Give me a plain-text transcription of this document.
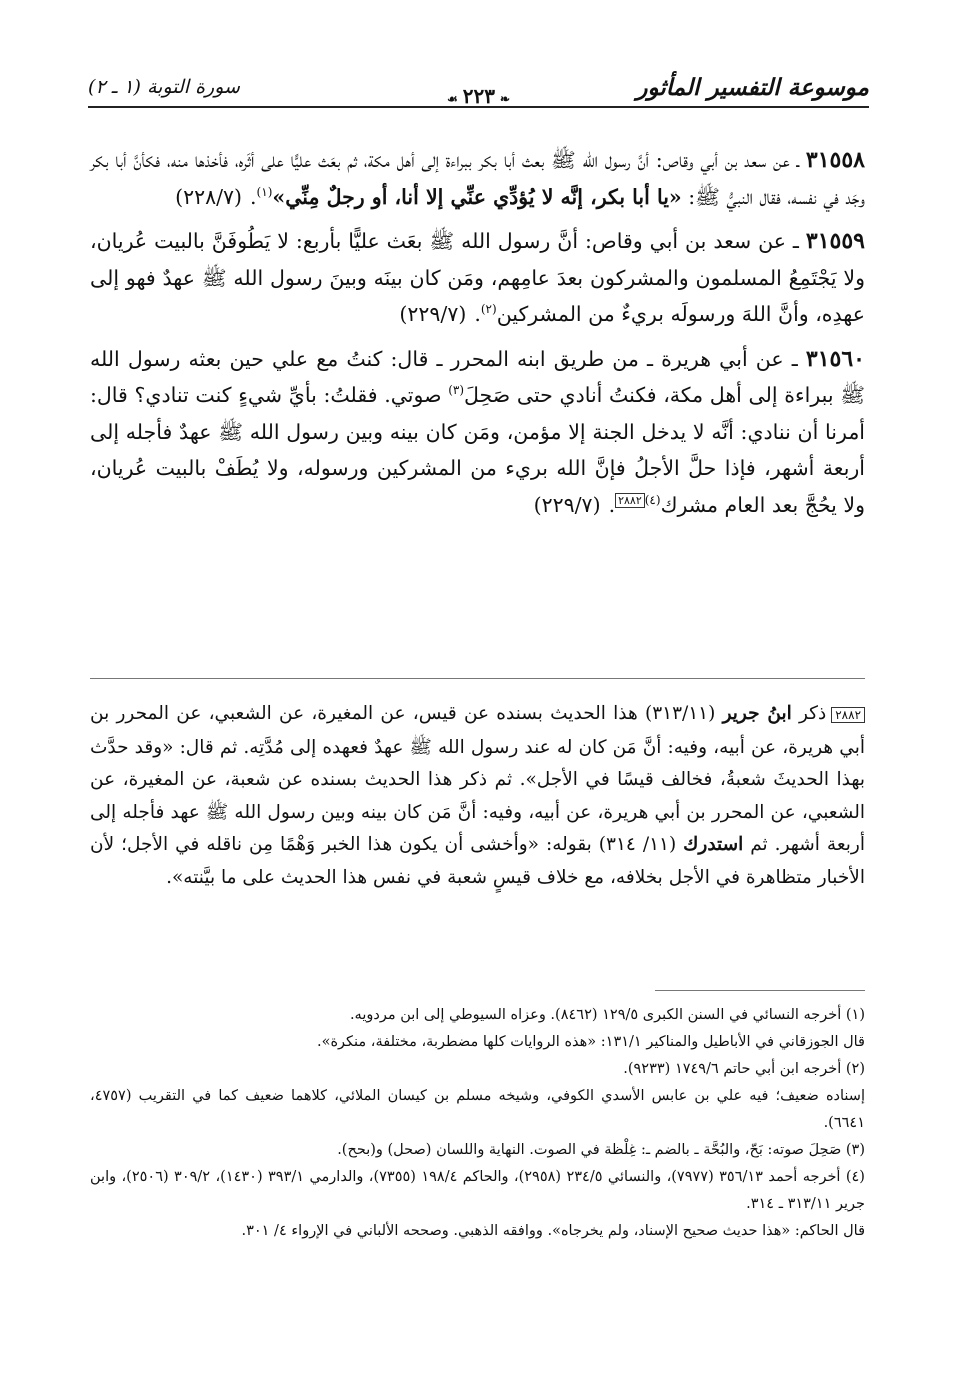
موسوعة التفسير المأثور
❧٢٢٣☙
سورة التوبة (١ ـ ٢)

٣١٥٥٨ ـ عن سعد بن أبي وقاص: أنَّ رسول الله ﷺ بعث أبا بكر ببراءة إلى أهل مكة، ثم بعَث عليًّا على أثَره، فأخذها منه، فكأنَّ أبا بكر وجَد في نفسه، فقال النبيُّ ﷺ: «يا أبا بكر، إنَّه لا يُؤدِّي عنِّي إلا أنا، أو رجلٌ مِنِّي»$^{(١)}$.(٢٢٨/٧)

٣١٥٥٩ ـ عن سعد بن أبي وقاص: أنَّ رسول الله ﷺ بعَث عليًّا بأربع: لا يَطُوفَنَّ بالبيت عُريان، ولا يَجْتَمِعُ المسلمون والمشركون بعدَ عامِهم، ومَن كان بينَه وبينَ رسول الله ﷺ عهدٌ فهو إلى عهدِه، وأنَّ اللهَ ورسولَه بريءٌ من المشركين$^{(٢)}$.(٢٢٩/٧)

٣١٥٦٠ ـ عن أبي هريرة ـ من طريق ابنه المحرر ـ قال: كنتُ مع علي حين بعثه رسول الله ﷺ ببراءة إلى أهل مكة، فكنتُ أنادي حتى صَحِلَ$^{(٣)}$ صوتي. فقلتُ: بأيِّ شيءٍ كنت تنادي؟ قال: أمرنا أن ننادي: أنَّه لا يدخل الجنة إلا مؤمن، ومَن كان بينه وبين رسول الله ﷺ عهدٌ فأجله إلى أربعة أشهر، فإذا حلَّ الأجلُ فإنَّ الله بريء من المشركين ورسوله، ولا يُطَفْ بالبيت عُريان، ولا يحُجَّ بعد العام مشرك$^{(٤)٢٨٨٢}$.(٢٢٩/٧)

٢٨٨٢ذكر ابنُ جرير (٣١٣/١١) هذا الحديث بسنده عن قيس، عن المغيرة، عن الشعبي، عن المحرر بن أبي هريرة، عن أبيه، وفيه: أنَّ مَن كان له عند رسول الله ﷺ عهدٌ فعهده إلى مُدَّتِه. ثم قال: «وقد حدَّث بهذا الحديثَ شعبةُ، فخالف قيسًا في الأجل». ثم ذكر هذا الحديث بسنده عن شعبة، عن المغيرة، عن الشعبي، عن المحرر بن أبي هريرة، عن أبيه، وفيه: أنَّ مَن كان بينه وبين رسول الله ﷺ عهد فأجله إلى أربعة أشهر. ثم استدرك (١١/ ٣١٤) بقوله: «وأخشى أن يكون هذا الخبر وَهْمًا مِن ناقله في الأجل؛ لأن الأخبار متظاهرة في الأجل بخلافه، مع خلاف قيسٍ شعبة في نفس هذا الحديث على ما بيَّنته».

(١) أخرجه النسائي في السنن الكبرى ١٢٩/٥ (٨٤٦٢). وعزاه السيوطي إلى ابن مردويه.

قال الجوزقاني في الأباطيل والمناكير ١٣١/١: «هذه الروايات كلها مضطربة، مختلفة، منكرة».

(٢) أخرجه ابن أبي حاتم ١٧٤٩/٦ (٩٢٣٣).

إسناده ضعيف؛ فيه علي بن عابس الأسدي الكوفي، وشيخه مسلم بن كيسان الملائي، كلاهما ضعيف كما في التقريب (٤٧٥٧، ٦٦٤١).

(٣) صَحِلَ صوته: بَحّ، والبُحَّة ـ بالضم ـ: غِلْظة في الصوت. النهاية واللسان (صحل) و(بحح).

(٤) أخرجه أحمد ٣٥٦/١٣ (٧٩٧٧)، والنسائي ٢٣٤/٥ (٢٩٥٨)، والحاكم ١٩٨/٤ (٧٣٥٥)، والدارمي ٣٩٣/١ (١٤٣٠)، ٣٠٩/٢ (٢٥٠٦)، وابن جرير ٣١٣/١١ ـ ٣١٤.

قال الحاكم: «هذا حديث صحيح الإسناد، ولم يخرجاه». ووافقه الذهبي. وصححه الألباني في الإرواء ٤/ ٣٠١.
